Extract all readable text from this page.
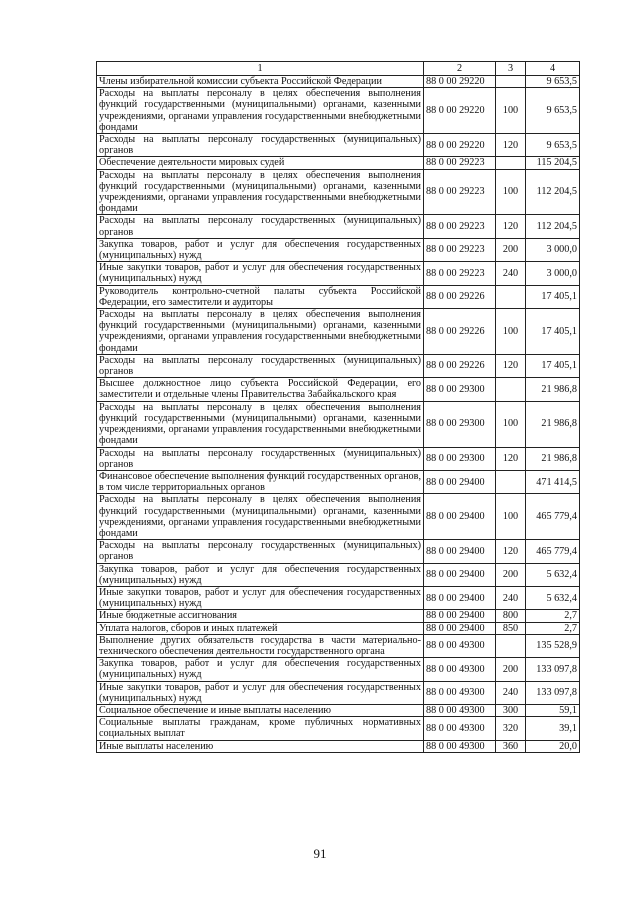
1	2	3	4
Члены избирательной комиссии субъекта Российской Федерации	88 0 00 29220		9 653,5
Расходы на выплаты персоналу в целях обеспечения выполнения функций государственными (муниципальными) органами, казенными учреждениями, органами управления государственными внебюджетными фондами	88 0 00 29220	100	9 653,5
Расходы на выплаты персоналу государственных (муниципальных) органов	88 0 00 29220	120	9 653,5
Обеспечение деятельности мировых судей	88 0 00 29223		115 204,5
Расходы на выплаты персоналу в целях обеспечения выполнения функций государственными (муниципальными) органами, казенными учреждениями, органами управления государственными внебюджетными фондами	88 0 00 29223	100	112 204,5
Расходы на выплаты персоналу государственных (муниципальных) органов	88 0 00 29223	120	112 204,5
Закупка товаров, работ и услуг для обеспечения государственных (муниципальных) нужд	88 0 00 29223	200	3 000,0
Иные закупки товаров, работ и услуг для обеспечения государственных (муниципальных) нужд	88 0 00 29223	240	3 000,0
Руководитель контрольно-счетной палаты субъекта Российской Федерации, его заместители и аудиторы	88 0 00 29226		17 405,1
Расходы на выплаты персоналу в целях обеспечения выполнения функций государственными (муниципальными) органами, казенными учреждениями, органами управления государственными внебюджетными фондами	88 0 00 29226	100	17 405,1
Расходы на выплаты персоналу государственных (муниципальных) органов	88 0 00 29226	120	17 405,1
Высшее должностное лицо субъекта Российской Федерации, его заместители и отдельные члены Правительства Забайкальского края	88 0 00 29300		21 986,8
Расходы на выплаты персоналу в целях обеспечения выполнения функций государственными (муниципальными) органами, казенными учреждениями, органами управления государственными внебюджетными фондами	88 0 00 29300	100	21 986,8
Расходы на выплаты персоналу государственных (муниципальных) органов	88 0 00 29300	120	21 986,8
Финансовое обеспечение выполнения функций государственных органов, в том числе территориальных органов	88 0 00 29400		471 414,5
Расходы на выплаты персоналу в целях обеспечения выполнения функций государственными (муниципальными) органами, казенными учреждениями, органами управления государственными внебюджетными фондами	88 0 00 29400	100	465 779,4
Расходы на выплаты персоналу государственных (муниципальных) органов	88 0 00 29400	120	465 779,4
Закупка товаров, работ и услуг для обеспечения государственных (муниципальных) нужд	88 0 00 29400	200	5 632,4
Иные закупки товаров, работ и услуг для обеспечения государственных (муниципальных) нужд	88 0 00 29400	240	5 632,4
Иные бюджетные ассигнования	88 0 00 29400	800	2,7
Уплата налогов, сборов и иных платежей	88 0 00 29400	850	2,7
Выполнение других обязательств государства в части материально-технического обеспечения деятельности государственного органа	88 0 00 49300		135 528,9
Закупка товаров, работ и услуг для обеспечения государственных (муниципальных) нужд	88 0 00 49300	200	133 097,8
Иные закупки товаров, работ и услуг для обеспечения государственных (муниципальных) нужд	88 0 00 49300	240	133 097,8
Социальное обеспечение и иные выплаты населению	88 0 00 49300	300	59,1
Социальные выплаты гражданам, кроме публичных нормативных социальных выплат	88 0 00 49300	320	39,1
Иные выплаты населению	88 0 00 49300	360	20,0
91
